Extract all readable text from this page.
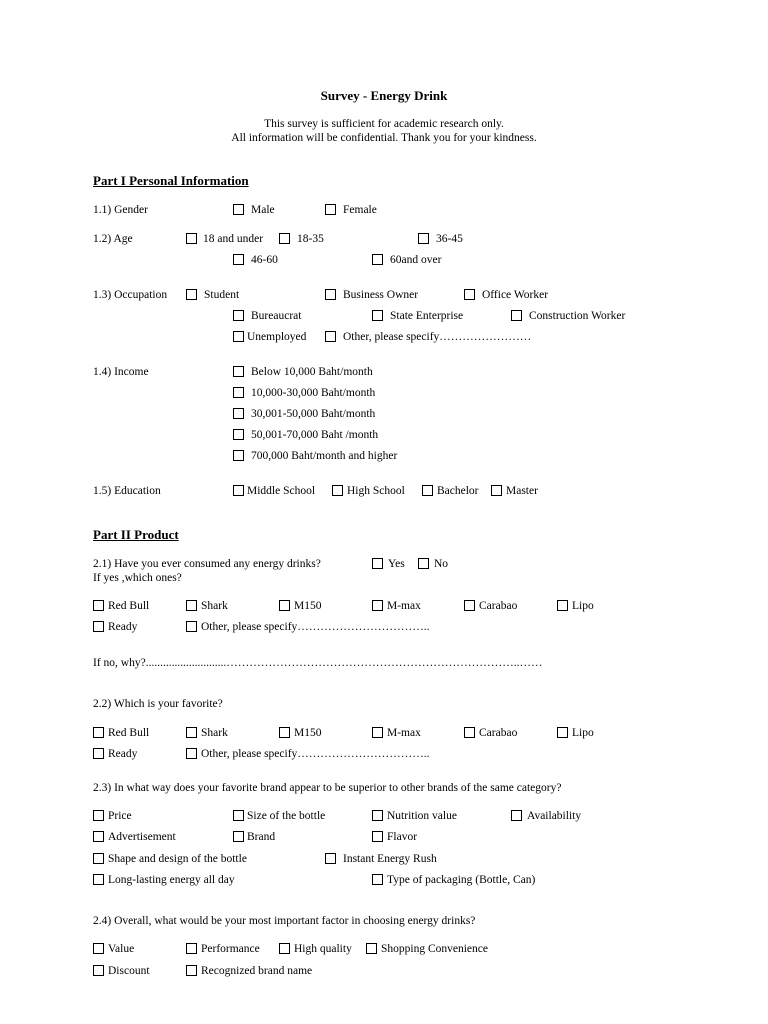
Survey - Energy Drink
This survey is sufficient for academic research only.
All information will be confidential. Thank you for your kindness.
Part I Personal Information
1.1) Gender	Male	Female
1.2) Age	18 and under	18-35	36-45
46-60	60and over
1.3) Occupation	Student	Business Owner	Office Worker
Bureaucrat	State Enterprise	Construction Worker
Unemployed	Other, please specify……………………
1.4) Income	Below 10,000 Baht/month
10,000-30,000 Baht/month
30,001-50,000 Baht/month
50,001-70,000 Baht /month
700,000 Baht/month and higher
1.5) Education	Middle School	High School	Bachelor Master
Part II Product
2.1) Have you ever consumed any energy drinks?	Yes	No
If yes ,which ones?
Red Bull	Shark	M150	M-max	Carabao	Lipo
Ready	Other, please specify……………………………..
If no, why?............................…………………………………………………………………..……
2.2) Which is your favorite?
Red Bull	Shark	M150	M-max	Carabao	Lipo
Ready	Other, please specify……………………………..
2.3) In what way does your favorite brand appear to be superior to other brands of the same category?
Price	Size of the bottle	Nutrition value	Availability
Advertisement	Brand	Flavor
Shape and design of the bottle	Instant Energy Rush
Long-lasting energy all day	Type of packaging (Bottle, Can)
2.4) Overall, what would be your most important factor in choosing energy drinks?
Value	Performance	High quality	Shopping Convenience
Discount	Recognized brand name
